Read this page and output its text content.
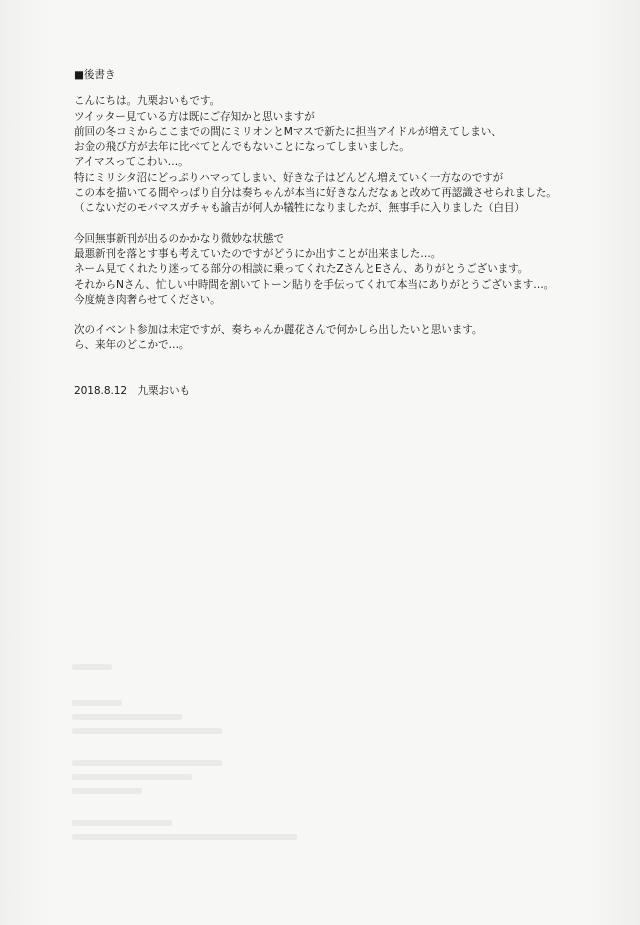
■後書き

こんにちは。九栗おいもです。

ツイッター見ている方は既にご存知かと思いますが

前回の冬コミからここまでの間にミリオンとMマスで新たに担当アイドルが増えてしまい、

お金の飛び方が去年に比べてとんでもないことになってしまいました。

アイマスってこわい…。

特にミリシタ沼にどっぷりハマってしまい、好きな子はどんどん増えていく一方なのですが

この本を描いてる間やっぱり自分は奏ちゃんが本当に好きなんだなぁと改めて再認識させられました。

（こないだのモバマスガチャも諭吉が何人か犠牲になりましたが、無事手に入りました（白目）

今回無事新刊が出るのかかなり微妙な状態で

最悪新刊を落とす事も考えていたのですがどうにか出すことが出来ました…。

ネーム見てくれたり迷ってる部分の相談に乗ってくれたZさんとEさん、ありがとうございます。

それからNさん、忙しい中時間を割いてトーン貼りを手伝ってくれて本当にありがとうございます…。

今度焼き肉奢らせてください。

次のイベント参加は未定ですが、奏ちゃんか麗花さんで何かしら出したいと思います。

ら、来年のどこかで…。

2018.8.12　九栗おいも
